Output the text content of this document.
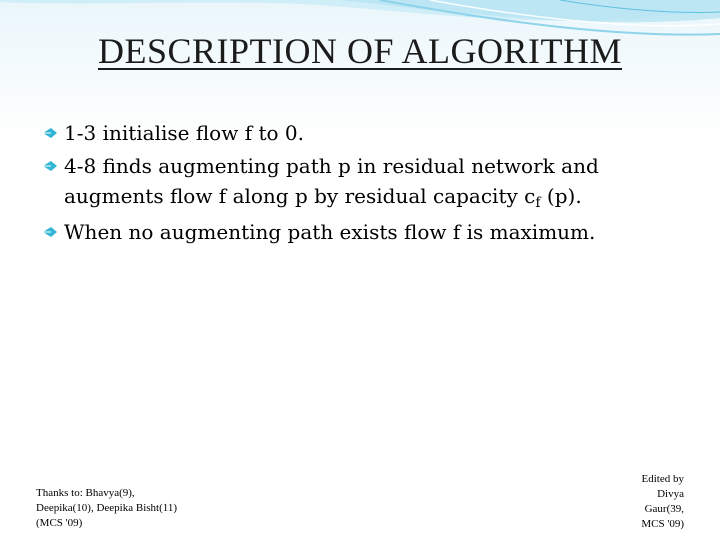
DESCRIPTION OF ALGORITHM
1-3 initialise flow f to 0.
4-8 finds augmenting path p in residual network and augments flow f along p by residual capacity $c_f$ (p).
When no augmenting path exists flow f is maximum.
Thanks to: Bhavya(9),
Deepika(10), Deepika Bisht(11)
(MCS '09)
Edited by
Divya
Gaur(39,
MCS '09)
